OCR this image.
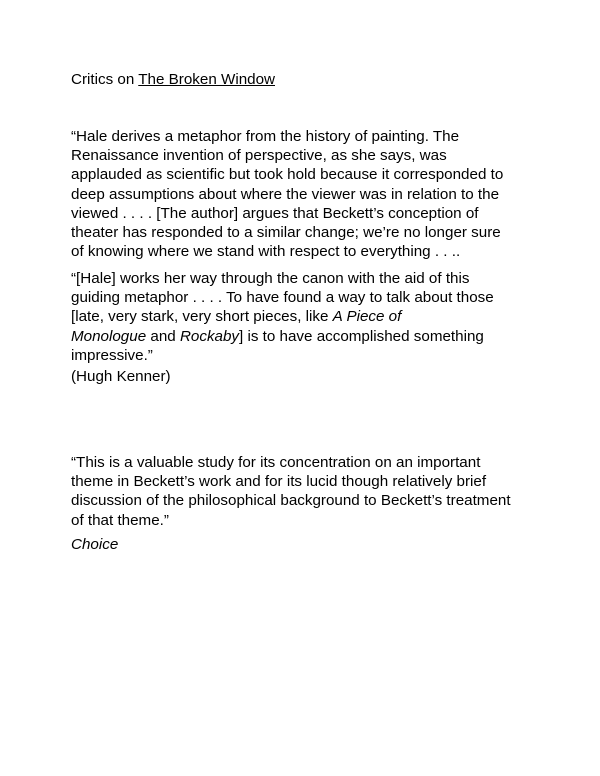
Critics on The Broken Window

“Hale derives a metaphor from the history of painting. The
Renaissance invention of perspective, as she says, was
applauded as scientific but took hold because it corresponded to
deep assumptions about where the viewer was in relation to the
viewed . . . . [The author] argues that Beckett’s conception of
theater has responded to a similar change; we’re no longer sure
of knowing where we stand with respect to everything . . ..

“[Hale] works her way through the canon with the aid of this
guiding metaphor . . . . To have found a way to talk about those
[late, very stark, very short pieces, like A Piece of
Monologue and Rockaby] is to have accomplished something
impressive.”

(Hugh Kenner)

“This is a valuable study for its concentration on an important
theme in Beckett’s work and for its lucid though relatively brief
discussion of the philosophical background to Beckett’s treatment
of that theme.”

Choice
